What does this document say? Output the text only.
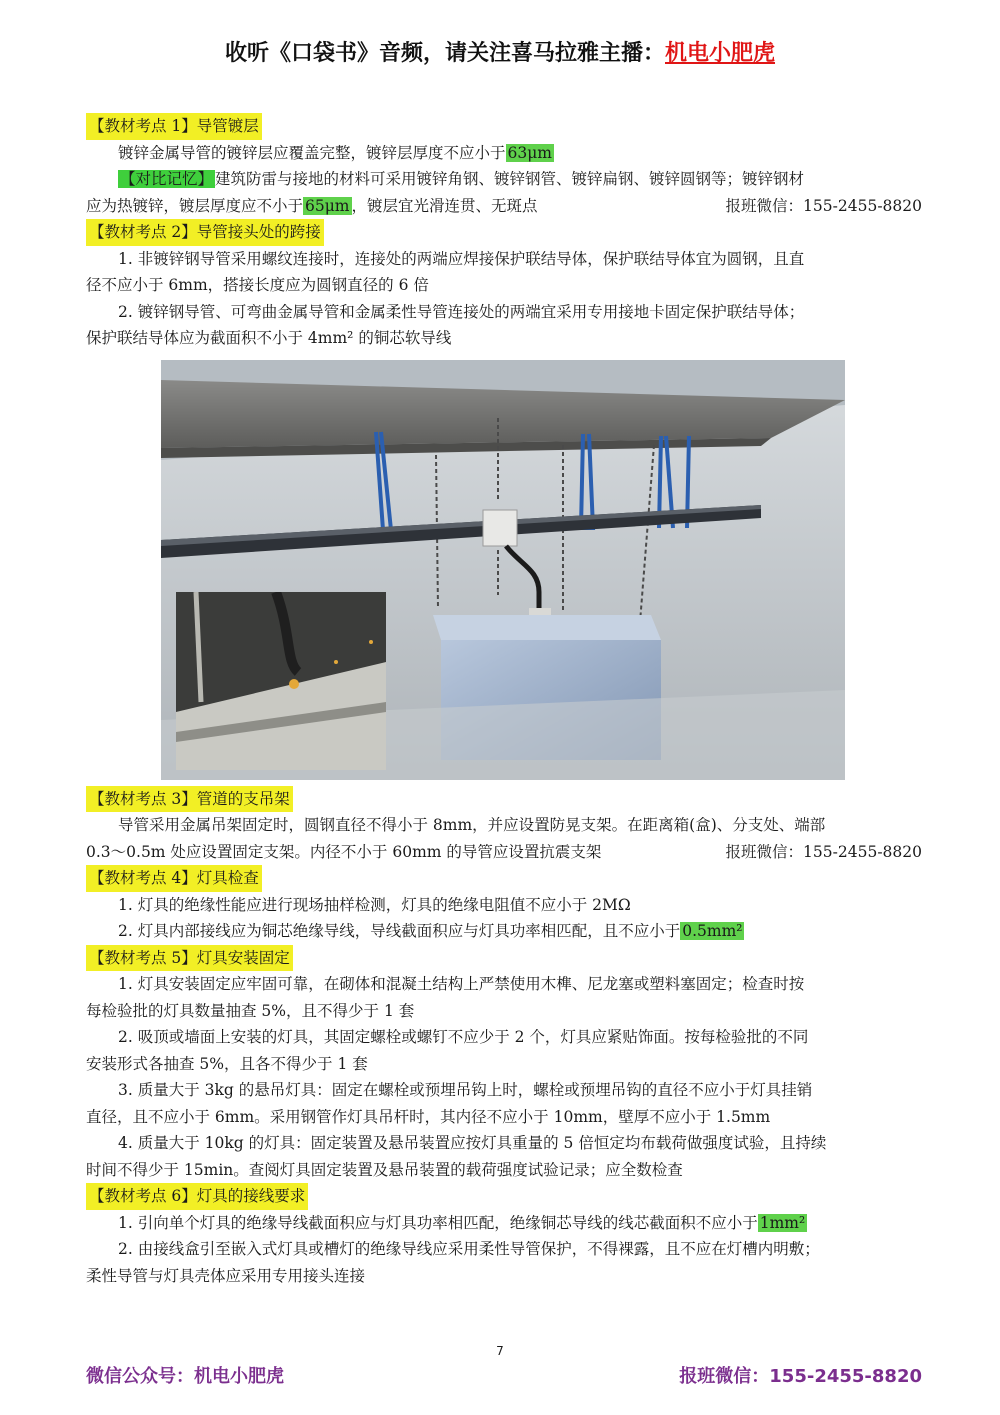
收听《口袋书》音频，请关注喜马拉雅主播：机电小肥虎
【教材考点 1】导管镀层
镀锌金属导管的镀锌层应覆盖完整，镀锌层厚度不应小于 63μm
【对比记忆】 建筑防雷与接地的材料可采用镀锌角钢、镀锌钢管、镀锌扁钢、镀锌圆钢等；镀锌钢材
应为热镀锌，镀层厚度应不小于 65μm ，镀层宜光滑连贯、无斑点	报班微信：155-2455-8820
【教材考点 2】导管接头处的跨接
1. 非镀锌钢导管采用螺纹连接时，连接处的两端应焊接保护联结导体，保护联结导体宜为圆钢，且直
径不应小于 6mm，搭接长度应为圆钢直径的 6 倍
2. 镀锌钢导管、可弯曲金属导管和金属柔性导管连接处的两端宜采用专用接地卡固定保护联结导体；
保护联结导体应为截面积不小于 4mm² 的铜芯软导线
【教材考点 3】管道的支吊架
导管采用金属吊架固定时，圆钢直径不得小于 8mm，并应设置防晃支架。在距离箱(盒)、分支处、端部
0.3～0.5m 处应设置固定支架。内径不小于 60mm 的导管应设置抗震支架	报班微信：155-2455-8820
【教材考点 4】灯具检查
1. 灯具的绝缘性能应进行现场抽样检测，灯具的绝缘电阻值不应小于 2MΩ
2. 灯具内部接线应为铜芯绝缘导线，导线截面积应与灯具功率相匹配，且不应小于 0.5mm²
【教材考点 5】灯具安装固定
1. 灯具安装固定应牢固可靠，在砌体和混凝土结构上严禁使用木榫、尼龙塞或塑料塞固定；检查时按
每检验批的灯具数量抽查 5%，且不得少于 1 套
2. 吸顶或墙面上安装的灯具，其固定螺栓或螺钉不应少于 2 个，灯具应紧贴饰面。按每检验批的不同
安装形式各抽查 5%，且各不得少于 1 套
3. 质量大于 3kg 的悬吊灯具：固定在螺栓或预埋吊钩上时，螺栓或预埋吊钩的直径不应小于灯具挂销
直径，且不应小于 6mm。采用钢管作灯具吊杆时，其内径不应小于 10mm，壁厚不应小于 1.5mm
4. 质量大于 10kg 的灯具：固定装置及悬吊装置应按灯具重量的 5 倍恒定均布载荷做强度试验，且持续
时间不得少于 15min。查阅灯具固定装置及悬吊装置的载荷强度试验记录；应全数检查
【教材考点 6】灯具的接线要求
1. 引向单个灯具的绝缘导线截面积应与灯具功率相匹配，绝缘铜芯导线的线芯截面积不应小于 1mm²
2. 由接线盒引至嵌入式灯具或槽灯的绝缘导线应采用柔性导管保护，不得裸露，且不应在灯槽内明敷；
柔性导管与灯具壳体应采用专用接头连接
7
微信公众号：机电小肥虎	报班微信：155-2455-8820
